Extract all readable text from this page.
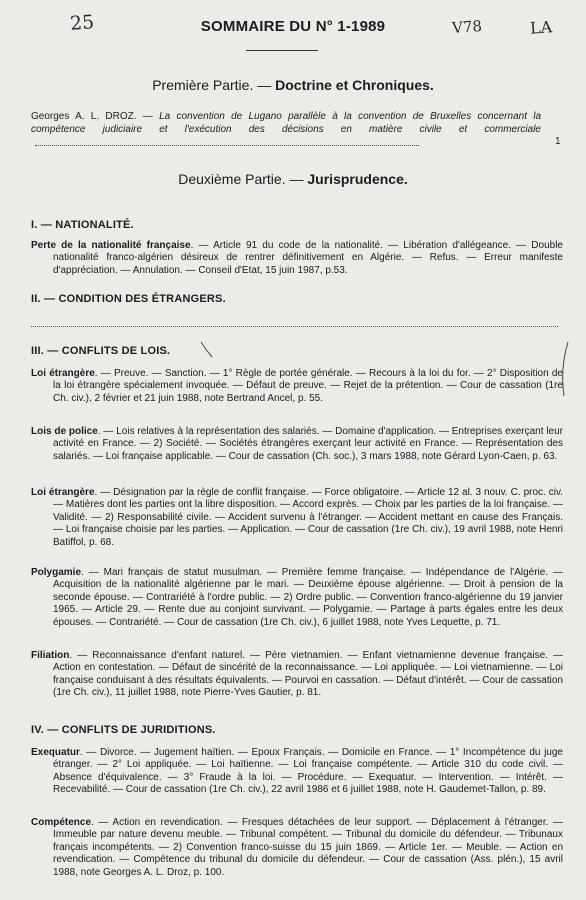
25	V78	LA
SOMMAIRE DU N° 1-1989
Première Partie. — Doctrine et Chroniques.
Georges A. L. DROZ. — La convention de Lugano parallèle à la convention de Bruxelles concernant la compétence judiciaire et l'exécution des décisions en matière civile et commerciale
1
Deuxième Partie. — Jurisprudence.
I. — NATIONALITÉ.
Perte de la nationalité française. — Article 91 du code de la nationalité. — Libération d'allégeance. — Double nationalité franco-algérien désireux de rentrer définitivement en Algérie. — Refus. — Erreur manifeste d'appréciation. — Annulation. — Conseil d'Etat, 15 juin 1987, p.53.
II. — CONDITION DES ÉTRANGERS.
III. — CONFLITS DE LOIS.
Loi étrangère. — Preuve. — Sanction. — 1° Règle de portée générale. — Recours à la loi du for. — 2° Disposition de la loi étrangère spécialement invoquée. — Défaut de preuve. — Rejet de la prétention. — Cour de cassation (1re Ch. civ.), 2 février et 21 juin 1988, note Bertrand Ancel, p. 55.
Lois de police. — Lois relatives à la représentation des salariés. — Domaine d'application. — Entreprises exerçant leur activité en France. — 2) Société. — Sociétés étrangères exerçant leur activité en France. — Représentation des salariés. — Loi française applicable. — Cour de cassation (Ch. soc.), 3 mars 1988, note Gérard Lyon-Caen, p. 63.
Loi étrangère. — Désignation par la règle de conflit française. — Force obligatoire. — Article 12 al. 3 nouv. C. proc. civ. — Matières dont les parties ont la libre disposition. — Accord exprès. — Choix par les parties de la loi française. — Validité. — 2) Responsabilité civile. — Accident survenu à l'étranger. — Accident mettant en cause des Français. — Loi française choisie par les parties. — Application. — Cour de cassation (1re Ch. civ.), 19 avril 1988, note Henri Batiffol, p. 68.
Polygamie. — Mari français de statut musulman. — Première femme française. — Indépendance de l'Algérie. — Acquisition de la nationalité algérienne par le mari. — Deuxième épouse algérienne. — Droit à pension de la seconde épouse. — Contrariété à l'ordre public. — 2) Ordre public. — Convention franco-algérienne du 19 janvier 1965. — Article 29. — Rente due au conjoint survivant. — Polygamie. — Partage à parts égales entre les deux épouses. — Contrariété. — Cour de cassation (1re Ch. civ.), 6 juillet 1988, note Yves Lequette, p. 71.
Filiation. — Reconnaissance d'enfant naturel. — Père vietnamien. — Enfant vietnamienne devenue française. — Action en contestation. — Défaut de sincérité de la reconnaissance. — Loi appliquée. — Loi vietnamienne. — Loi française conduisant à des résultats équivalents. — Pourvoi en cassation. — Défaut d'intérêt. — Cour de cassation (1re Ch. civ.), 11 juillet 1988, note Pierre-Yves Gautier, p. 81.
IV. — CONFLITS DE JURIDITIONS.
Exequatur. — Divorce. — Jugement haïtien. — Epoux Français. — Domicile en France. — 1° Incompétence du juge étranger. — 2° Loi appliquée. — Loi haïtienne. — Loi française compétente. — Article 310 du code civil. — Absence d'équivalence. — 3° Fraude à la loi. — Procédure. — Exequatur. — Intervention. — Intérêt. — Recevabilité. — Cour de cassation (1re Ch. civ.), 22 avril 1986 et 6 juillet 1988, note H. Gaudemet-Tallon, p. 89.
Compétence. — Action en revendication. — Fresques détachées de leur support. — Déplacement à l'étranger. — Immeuble par nature devenu meuble. — Tribunal compétent. — Tribunal du domicile du défendeur. — Tribunaux français incompétents. — 2) Convention franco-suisse du 15 juin 1869. — Article 1er. — Meuble. — Action en revendication. — Compétence du tribunal du domicile du défendeur. — Cour de cassation (Ass. plén.), 15 avril 1988, note Georges A. L. Droz, p. 100.
